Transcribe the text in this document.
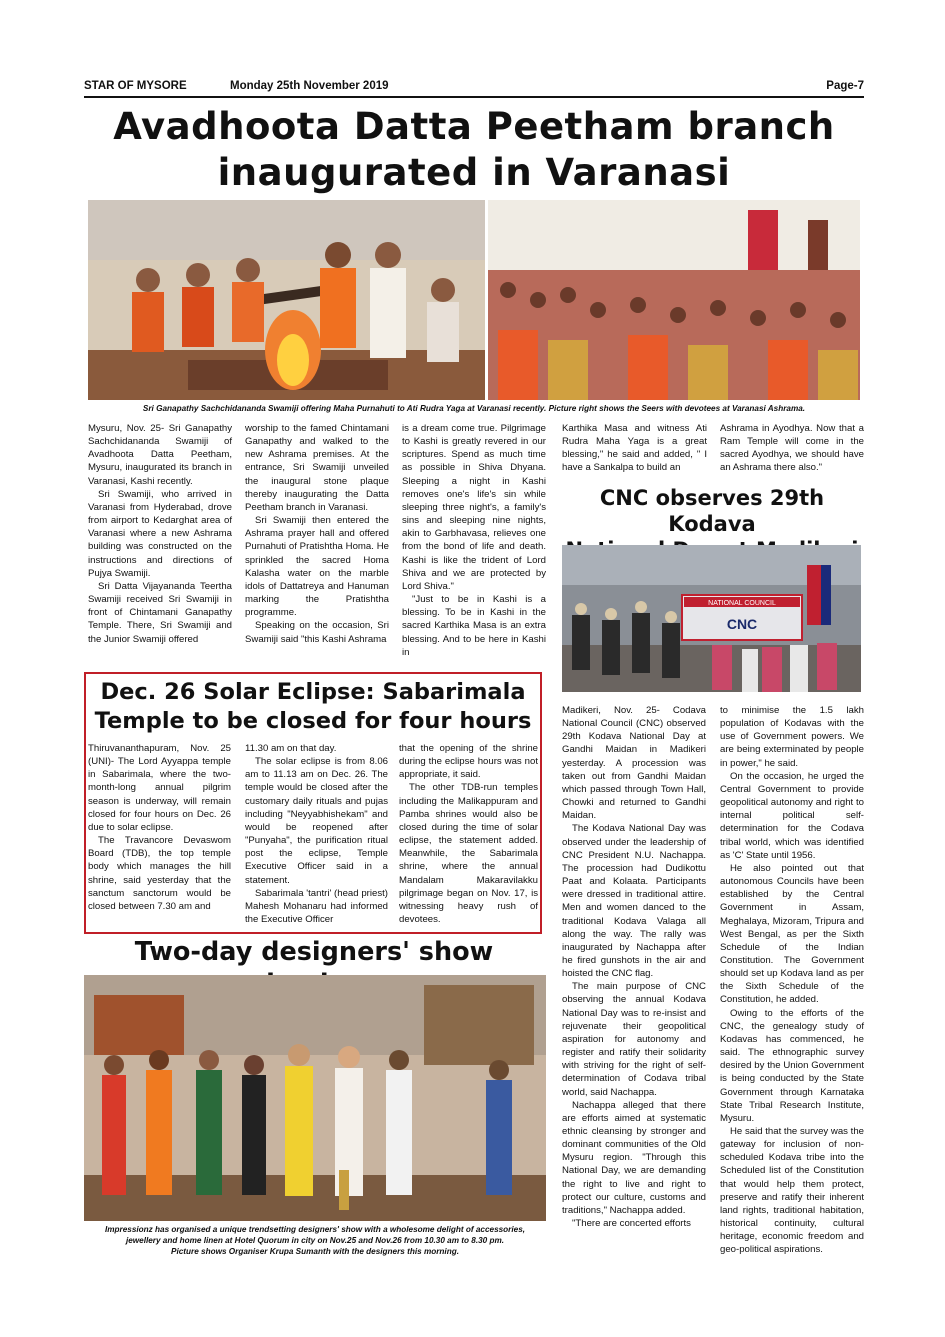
STAR OF MYSORE	Monday 25th November 2019	Page-7
Avadhoota Datta Peetham branch
inaugurated in Varanasi
Sri Ganapathy Sachchidananda Swamiji offering Maha Purnahuti to Ati Rudra Yaga at Varanasi recently. Picture right shows the Seers with devotees at Varanasi Ashrama.

Mysuru, Nov. 25- Sri Ganapathy Sachchidananda Swamiji of Avadhoota Datta Peetham, Mysuru, inaugurated its branch in Varanasi, Kashi recently.

Sri Swamiji, who arrived in Varanasi from Hyderabad, drove from airport to Kedarghat area of Varanasi where a new Ashrama building was constructed on the instructions and directions of Pujya Swamiji.

Sri Datta Vijayananda Teertha Swamiji received Sri Swamiji in front of Chintamani Ganapathy Temple. There, Sri Swamiji and the Junior Swamiji offered

worship to the famed Chintamani Ganapathy and walked to the new Ashrama premises. At the entrance, Sri Swamiji unveiled the inaugural stone plaque thereby inaugurating the Datta Peetham branch in Varanasi.

Sri Swamiji then entered the Ashrama prayer hall and offered Purnahuti of Pratishtha Homa. He sprinkled the sacred Homa Kalasha water on the marble idols of Dattatreya and Hanuman marking the Pratishtha programme.

Speaking on the occasion, Sri Swamiji said "this Kashi Ashrama

is a dream come true. Pilgrimage to Kashi is greatly revered in our scriptures. Spend as much time as possible in Shiva Dhyana. Sleeping a night in Kashi removes one's life's sin while sleeping three night's, a family's sins and sleeping nine nights, akin to Garbhavasa, relieves one from the bond of life and death. Kashi is like the trident of Lord Shiva and we are protected by Lord Shiva."

"Just to be in Kashi is a blessing. To be in Kashi in the sacred Karthika Masa is an extra blessing. And to be here in Kashi in

Karthika Masa and witness Ati Rudra Maha Yaga is a great blessing," he said and added, " I have a Sankalpa to build an

Ashrama in Ayodhya. Now that a Ram Temple will come in the sacred Ayodhya, we should have an Ashrama there also."

CNC observes 29th Kodava
NATIONAL COUNCIL
CNC

Madikeri, Nov. 25- Codava National Council (CNC) observed 29th Kodava National Day at Gandhi Maidan in Madikeri yesterday. A procession was taken out from Gandhi Maidan which passed through Town Hall, Chowki and returned to Gandhi Maidan.

The Kodava National Day was observed under the leadership of CNC President N.U. Nachappa. The procession had Dudikottu Paat and Kolaata. Participants were dressed in traditional attire. Men and women danced to the traditional Kodava Valaga all along the way. The rally was inaugurated by Nachappa after he fired gunshots in the air and hoisted the CNC flag.

The main purpose of CNC observing the annual Kodava National Day was to re-insist and rejuvenate their geopolitical aspiration for autonomy and register and ratify their solidarity with striving for the right of self-determination of Codava tribal world, said Nachappa.

Nachappa alleged that there are efforts aimed at systematic ethnic cleansing by stronger and dominant communities of the Old Mysuru region. "Through this National Day, we are demanding the right to live and right to protect our culture, customs and traditions," Nachappa added.

"There are concerted efforts

to minimise the 1.5 lakh population of Kodavas with the use of Government powers. We are being exterminated by people in power," he said.

On the occasion, he urged the Central Government to provide geopolitical autonomy and right to internal political self-determination for the Codava tribal world, which was identified as 'C' State until 1956.

He also pointed out that autonomous Councils have been established by the Central Government in Assam, Meghalaya, Mizoram, Tripura and West Bengal, as per the Sixth Schedule of the Indian Constitution. The Government should set up Kodava land as per the Sixth Schedule of the Constitution, he added.

Owing to the efforts of the CNC, the genealogy study of Kodavas has commenced, he said. The ethnographic survey desired by the Union Government is being conducted by the State Government through Karnataka State Tribal Research Institute, Mysuru.

He said that the survey was the gateway for inclusion of non-scheduled Kodava tribe into the Scheduled list of the Constitution that would help them protect, preserve and ratify their inherent land rights, traditional habitation, historical continuity, cultural heritage, economic freedom and geo-political aspirations.

Dec. 26 Solar Eclipse: Sabarimala
Temple to be closed for four hours

Thiruvananthapuram, Nov. 25 (UNI)- The Lord Ayyappa temple in Sabarimala, where the two-month-long annual pilgrim season is underway, will remain closed for four hours on Dec. 26 due to solar eclipse.

The Travancore Devaswom Board (TDB), the top temple body which manages the hill shrine, said yesterday that the sanctum sanctorum would be closed between 7.30 am and

11.30 am on that day.

The solar eclipse is from 8.06 am to 11.13 am on Dec. 26. The temple would be closed after the customary daily rituals and pujas including "Neyyabhishekam" and would be reopened after "Punyaha", the purification ritual post the eclipse, Temple Executive Officer said in a statement.

Sabarimala 'tantri' (head priest) Mahesh Mohanaru had informed the Executive Officer

that the opening of the shrine during the eclipse hours was not appropriate, it said.

The other TDB-run temples including the Malikappuram and Pamba shrines would also be closed during the time of solar eclipse, the statement added. Meanwhile, the Sabarimala shrine, where the annual Mandalam Makaravilakku pilgrimage began on Nov. 17, is witnessing heavy rush of devotees.

Two-day designers' show
Impressionz has organised a unique trendsetting designers' show with a wholesome delight of accessories,
jewellery and home linen at Hotel Quorum in city on Nov.25 and Nov.26 from 10.30 am to 8.30 pm.
Picture shows Organiser Krupa Sumanth with the designers this morning.
